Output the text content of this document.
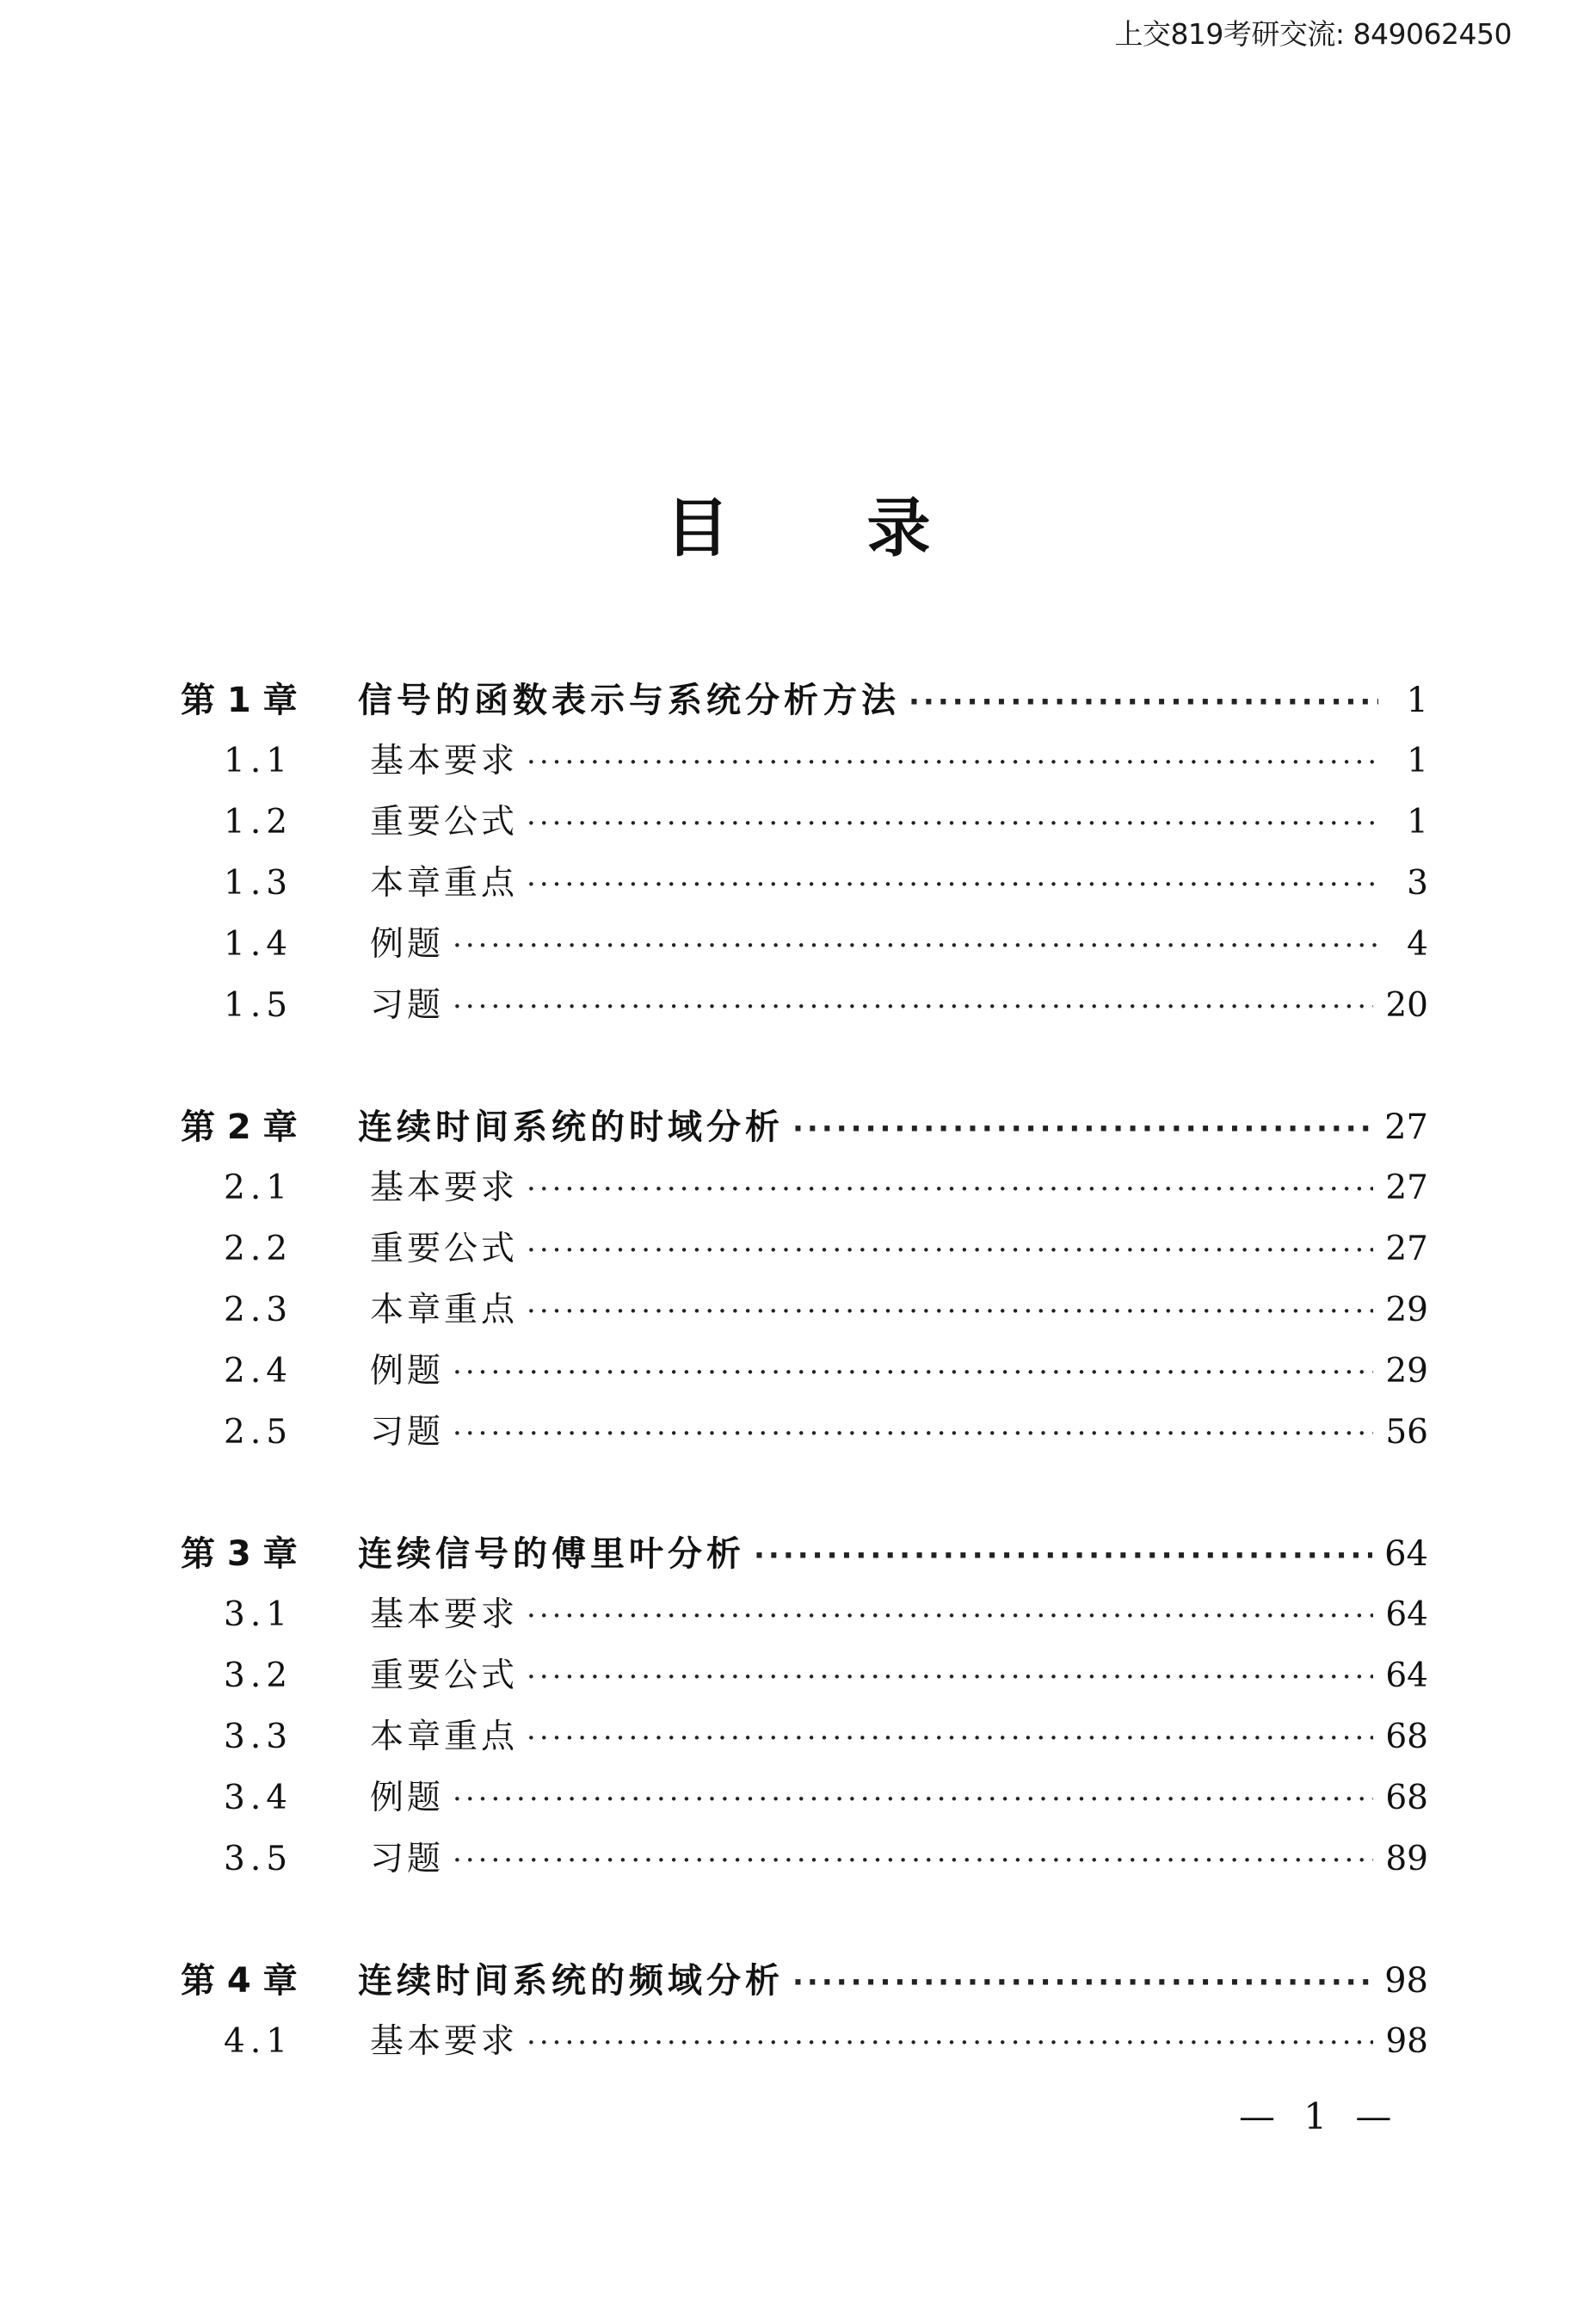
上交819考研交流: 849062450
目录
第 1 章	信号的函数表示与系统分析方法 ·····	1
1.1	基本要求 ·····	1
1.2	重要公式 ·····	1
1.3	本章重点 ·····	3
1.4	例题 ·····	4
1.5	习题 ·····	20
第 2 章	连续时间系统的时域分析 ·····	27
2.1	基本要求 ·····	27
2.2	重要公式 ·····	27
2.3	本章重点 ·····	29
2.4	例题 ·····	29
2.5	习题 ·····	56
第 3 章	连续信号的傅里叶分析 ·····	64
3.1	基本要求 ·····	64
3.2	重要公式 ·····	64
3.3	本章重点 ·····	68
3.4	例题 ·····	68
3.5	习题 ·····	89
第 4 章	连续时间系统的频域分析 ·····	98
4.1	基本要求 ·····	98
— 1 —
